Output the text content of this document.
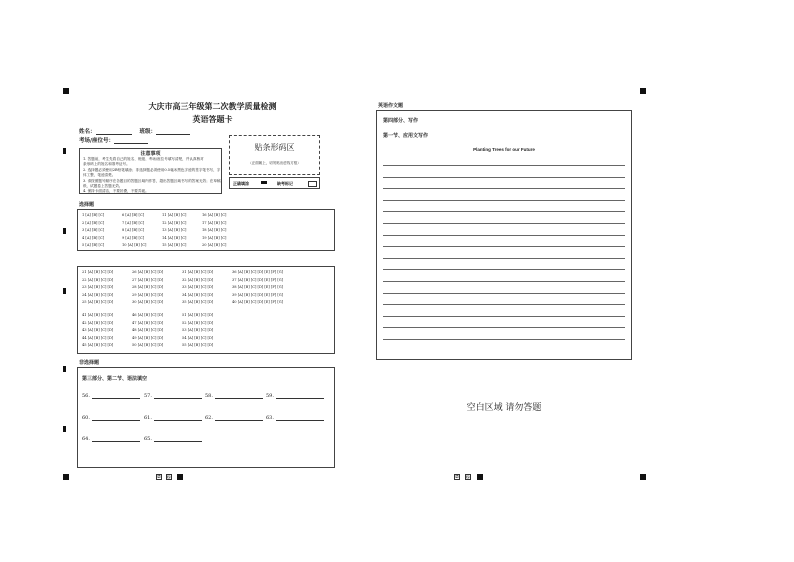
⧄ ⧅	⧄ ⧅
大庆市高三年级第二次教学质量检测
英语答题卡
姓名：	班级：
考场/座位号：
注意事项
1. 答题前，考生先将自己的姓名、班级、考场/座位号填写清楚，并认真核对
条形码上的姓名和准考证号。
2. 选择题必须使用2B铅笔填涂；非选择题必须使用0.5毫米黑色字迹的签字笔书写，字
体工整，笔迹清楚。
3. 请按照题号顺序在各题目的答题区域内作答，超出答题区域书写的答案无效；在草稿
纸、试题卷上答题无效。
4. 保持卡面清洁，不要折叠，不要弄破。
贴条形码区
（正面朝上，切勿贴出虚线方框）
正确填涂	缺考标记
选择题
1 [A] [B] [C]	6 [A] [B] [C]	11 [A] [B] [C]	16 [A] [B] [C]
2 [A] [B] [C]	7 [A] [B] [C]	12 [A] [B] [C]	17 [A] [B] [C]
3 [A] [B] [C]	8 [A] [B] [C]	13 [A] [B] [C]	18 [A] [B] [C]
4 [A] [B] [C]	9 [A] [B] [C]	14 [A] [B] [C]	19 [A] [B] [C]
5 [A] [B] [C]	10 [A] [B] [C]	15 [A] [B] [C]	20 [A] [B] [C]
21 [A] [B] [C] [D]	26 [A] [B] [C] [D]	31 [A] [B] [C] [D]	36 [A] [B] [C] [D] [E] [F] [G]
22 [A] [B] [C] [D]	27 [A] [B] [C] [D]	32 [A] [B] [C] [D]	37 [A] [B] [C] [D] [E] [F] [G]
23 [A] [B] [C] [D]	28 [A] [B] [C] [D]	33 [A] [B] [C] [D]	38 [A] [B] [C] [D] [E] [F] [G]
24 [A] [B] [C] [D]	29 [A] [B] [C] [D]	34 [A] [B] [C] [D]	39 [A] [B] [C] [D] [E] [F] [G]
25 [A] [B] [C] [D]	30 [A] [B] [C] [D]	35 [A] [B] [C] [D]	40 [A] [B] [C] [D] [E] [F] [G]
41 [A] [B] [C] [D]	46 [A] [B] [C] [D]	51 [A] [B] [C] [D]
42 [A] [B] [C] [D]	47 [A] [B] [C] [D]	52 [A] [B] [C] [D]
43 [A] [B] [C] [D]	48 [A] [B] [C] [D]	53 [A] [B] [C] [D]
44 [A] [B] [C] [D]	49 [A] [B] [C] [D]	54 [A] [B] [C] [D]
45 [A] [B] [C] [D]	50 [A] [B] [C] [D]	55 [A] [B] [C] [D]
非选择题
第三部分、第二节、语法填空
56.	57.	58.	59.
60.	61.	62.	63.
64.	65.
英语作文题
第四部分、写作
第一节、应用文写作
Planting Trees for our Future
空白区域 请勿答题
